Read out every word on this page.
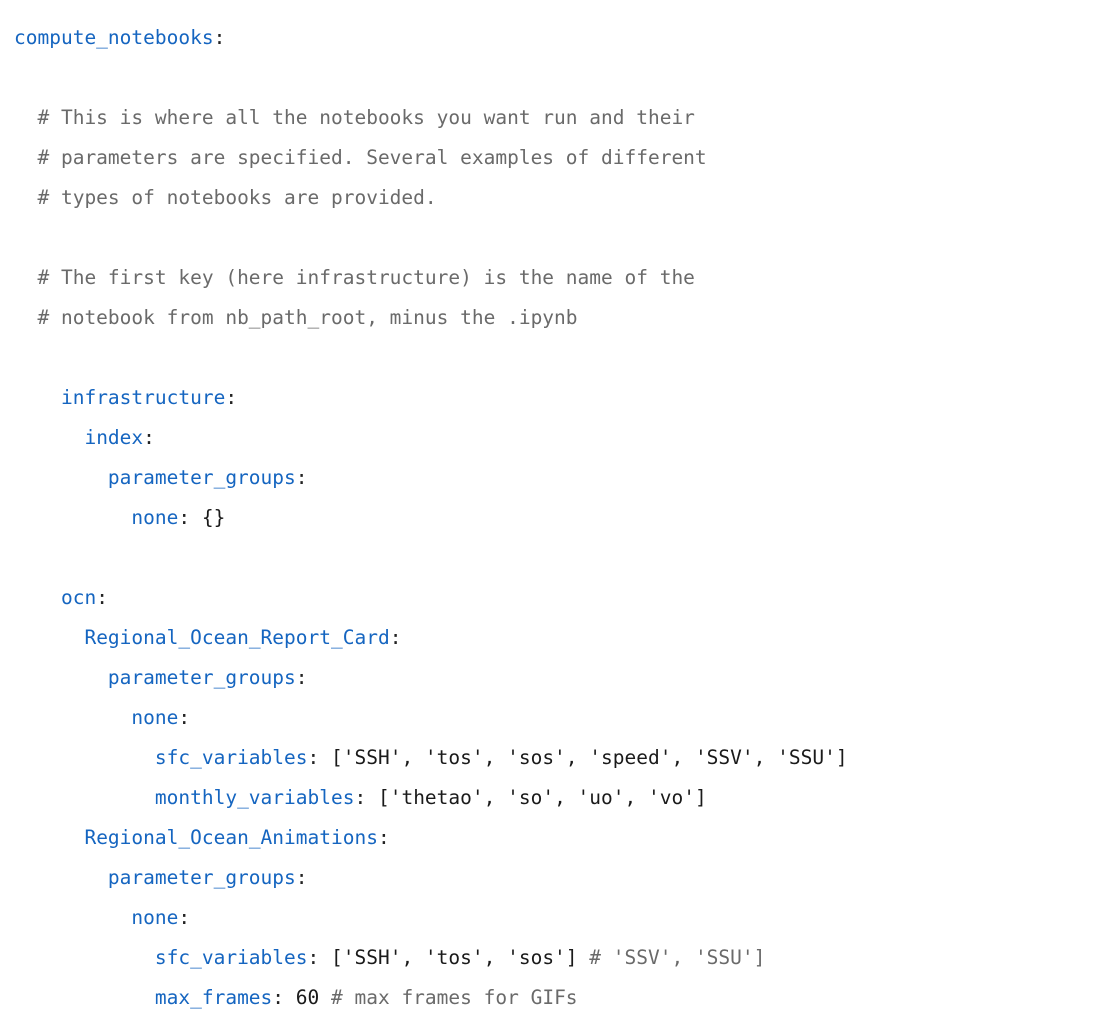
compute_notebooks:

# This is where all the notebooks you want run and their
# parameters are specified. Several examples of different
# types of notebooks are provided.

# The first key (here infrastructure) is the name of the
# notebook from nb_path_root, minus the .ipynb

infrastructure:
index:
parameter_groups:
none: {}

ocn:
Regional_Ocean_Report_Card:
parameter_groups:
none:
sfc_variables: ['SSH', 'tos', 'sos', 'speed', 'SSV', 'SSU']
monthly_variables: ['thetao', 'so', 'uo', 'vo']
Regional_Ocean_Animations:
parameter_groups:
none:
sfc_variables: ['SSH', 'tos', 'sos'] # 'SSV', 'SSU']
max_frames: 60 # max frames for GIFs
